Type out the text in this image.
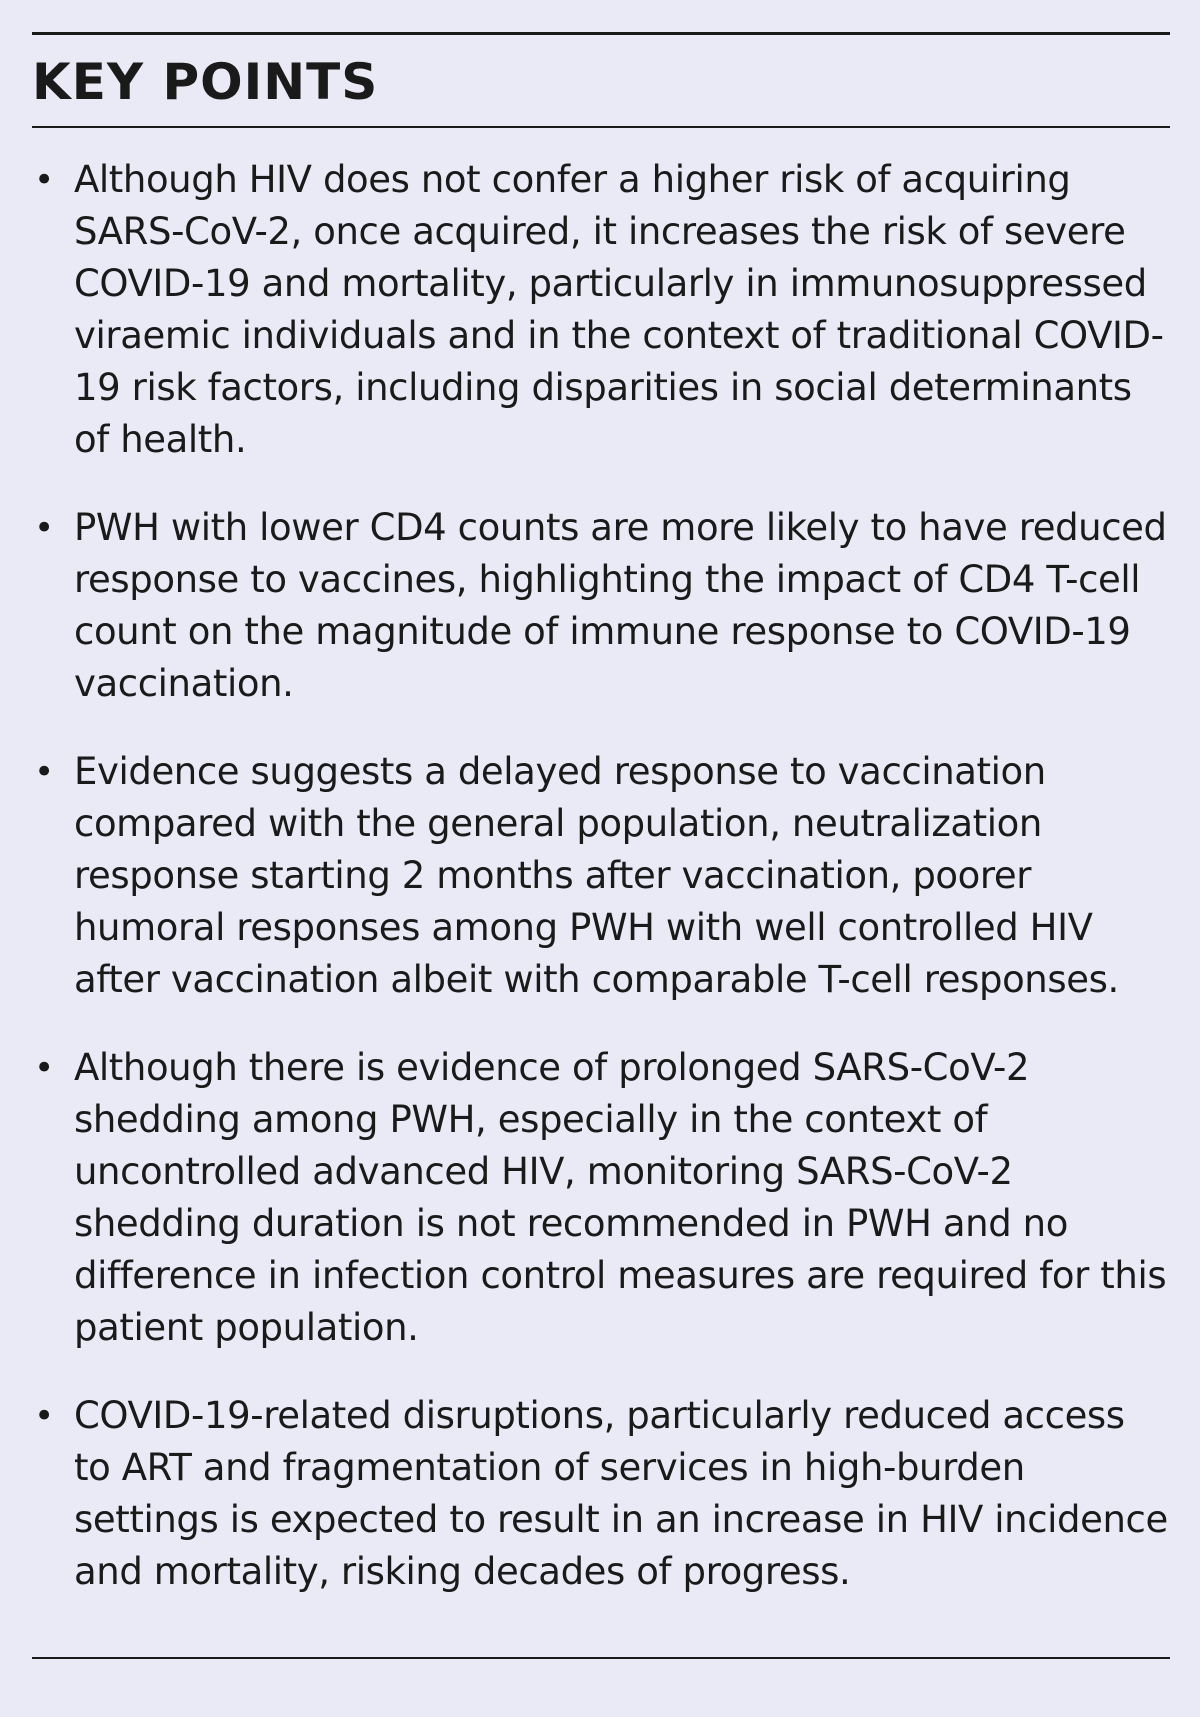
KEY POINTS
• Although HIV does not confer a higher risk of acquiring SARS-CoV-2, once acquired, it increases the risk of severe COVID-19 and mortality, particularly in immunosuppressed viraemic individuals and in the context of traditional COVID-19 risk factors, including disparities in social determinants of health.
• PWH with lower CD4 counts are more likely to have reduced response to vaccines, highlighting the impact of CD4 T-cell count on the magnitude of immune response to COVID-19 vaccination.
• Evidence suggests a delayed response to vaccination compared with the general population, neutralization response starting 2 months after vaccination, poorer humoral responses among PWH with well controlled HIV after vaccination albeit with comparable T-cell responses.
• Although there is evidence of prolonged SARS-CoV-2 shedding among PWH, especially in the context of uncontrolled advanced HIV, monitoring SARS-CoV-2 shedding duration is not recommended in PWH and no difference in infection control measures are required for this patient population.
• COVID-19-related disruptions, particularly reduced access to ART and fragmentation of services in high-burden settings is expected to result in an increase in HIV incidence and mortality, risking decades of progress.
